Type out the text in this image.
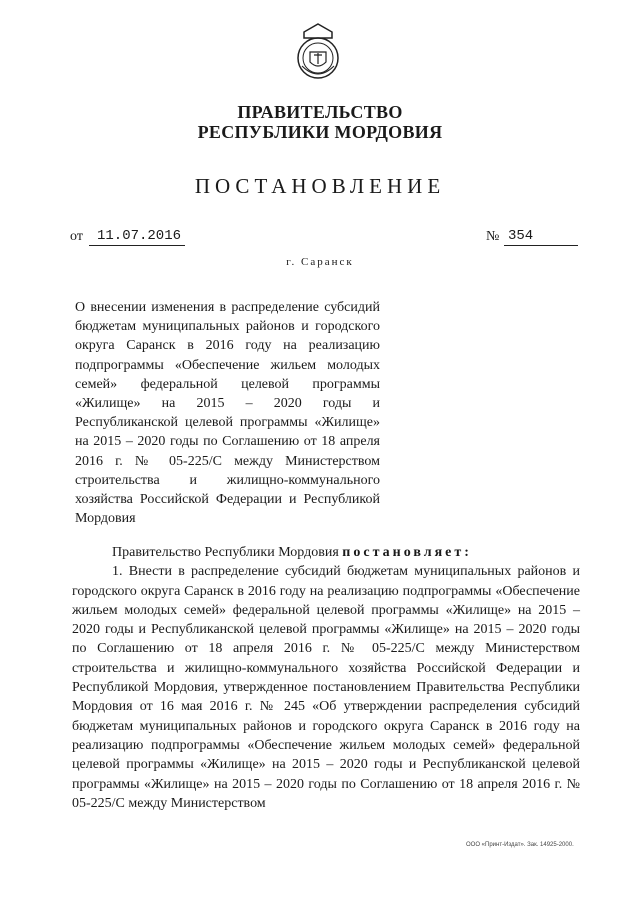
ПРАВИТЕЛЬСТВО
РЕСПУБЛИКИ МОРДОВИЯ
ПОСТАНОВЛЕНИЕ
от	11.07.2016	№ 354
г. Саранск
О внесении изменения в распределение субсидий бюджетам муниципальных районов и городского округа Саранск в 2016 году на реализацию подпрограммы «Обеспечение жильем молодых семей» федеральной целевой программы «Жилище» на 2015 – 2020 годы и Республиканской целевой программы «Жилище» на 2015 – 2020 годы по Соглашению от 18 апреля 2016 г. № 05-225/С между Министерством строительства и жилищно-коммунального хозяйства Российской Федерации и Республикой Мордовия

Правительство Республики Мордовия постановляет:

1. Внести в распределение субсидий бюджетам муниципальных районов и городского округа Саранск в 2016 году на реализацию подпрограммы «Обеспечение жильем молодых семей» федеральной целевой программы «Жилище» на 2015 – 2020 годы и Республиканской целевой программы «Жилище» на 2015 – 2020 годы по Соглашению от 18 апреля 2016 г. № 05-225/С между Министерством строительства и жилищно-коммунального хозяйства Российской Федерации и Республикой Мордовия, утвержденное постановлением Правительства Республики Мордовия от 16 мая 2016 г. № 245 «Об утверждении распределения субсидий бюджетам муниципальных районов и городского округа Саранск в 2016 году на реализацию подпрограммы «Обеспечение жильем молодых семей» федеральной целевой программы «Жилище» на 2015 – 2020 годы и Республиканской целевой программы «Жилище» на 2015 – 2020 годы по Соглашению от 18 апреля 2016 г. № 05-225/С между Министерством

ООО «Принт-Издат». Зак. 14925-2000.
